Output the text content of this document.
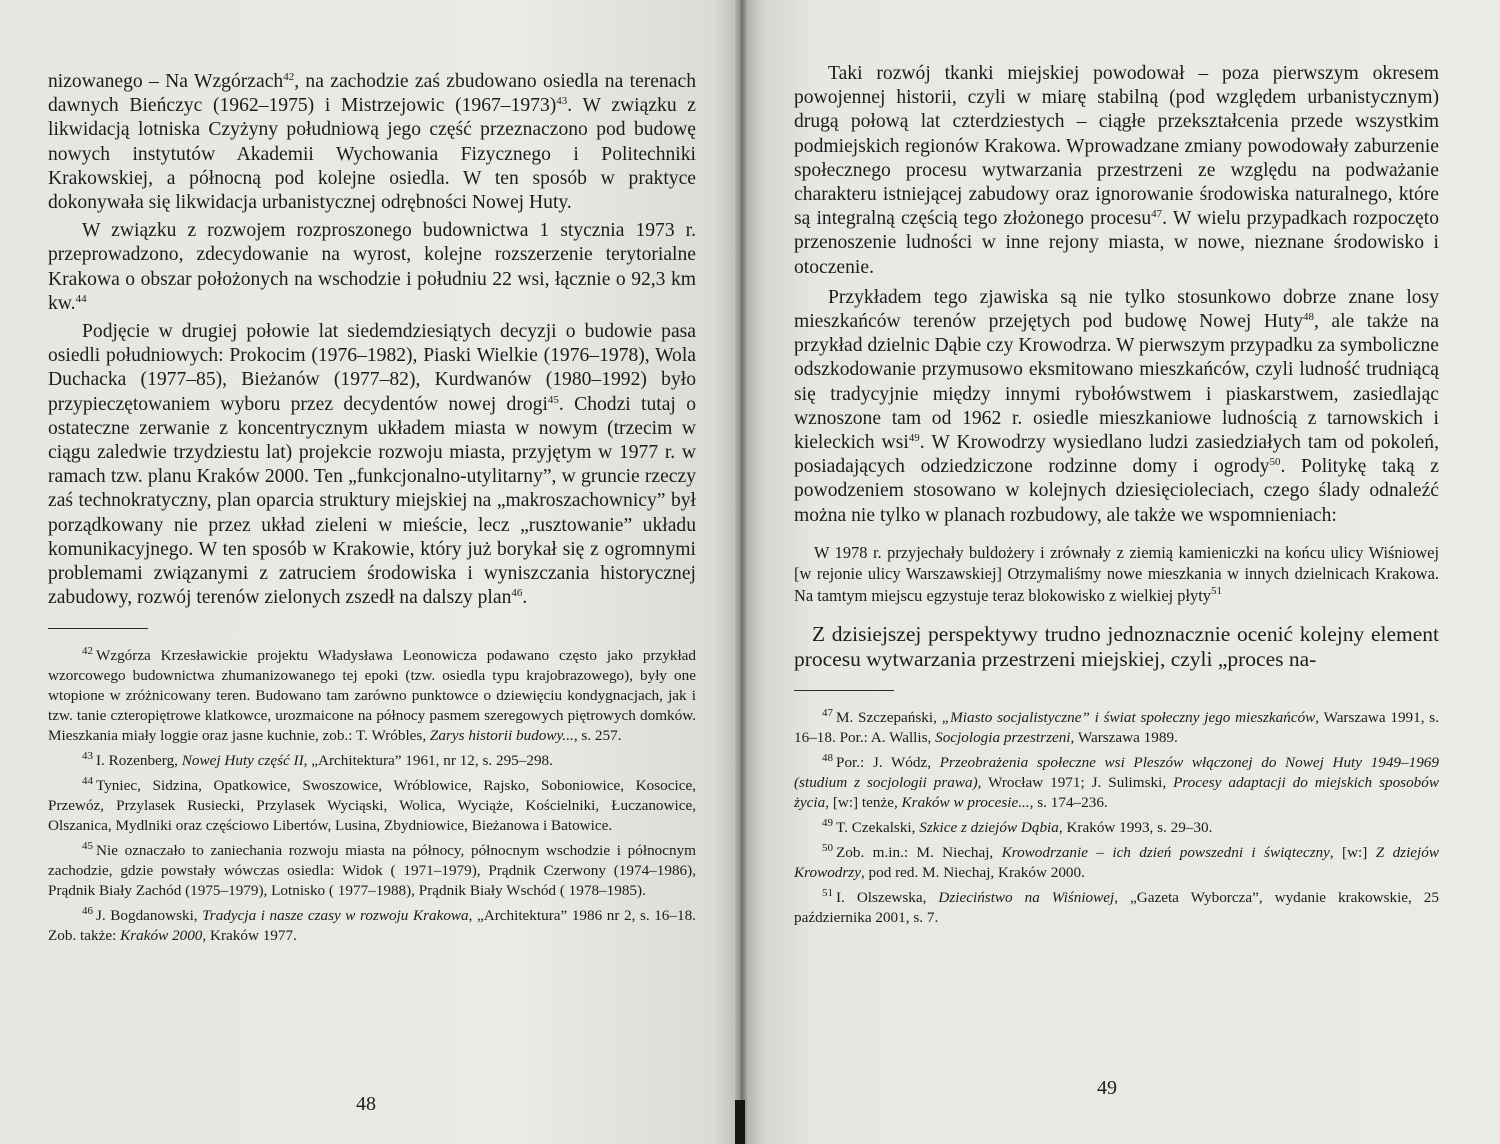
nizowanego – Na Wzgórzach$^{42}$, na zachodzie zaś zbudowano osiedla na terenach dawnych Bieńczyc (1962–1975) i Mistrzejowic (1967–1973)$^{43}$. W związku z likwidacją lotniska Czyżyny południową jego część przeznaczono pod budowę nowych instytutów Akademii Wychowania Fizycznego i Politechniki Krakowskiej, a północną pod kolejne osiedla. W ten sposób w praktyce dokonywała się likwidacja urbanistycznej odrębności Nowej Huty.

W związku z rozwojem rozproszonego budownictwa 1 stycznia 1973 r. przeprowadzono, zdecydowanie na wyrost, kolejne rozszerzenie terytorialne Krakowa o obszar położonych na wschodzie i południu 22 wsi, łącznie o 92,3 km kw.$^{44}$

Podjęcie w drugiej połowie lat siedemdziesiątych decyzji o budowie pasa osiedli południowych: Prokocim (1976–1982), Piaski Wielkie (1976–1978), Wola Duchacka (1977–85), Bieżanów (1977–82), Kurdwanów (1980–1992) było przypieczętowaniem wyboru przez decydentów nowej drogi$^{45}$. Chodzi tutaj o ostateczne zerwanie z koncentrycznym układem miasta w nowym (trzecim w ciągu zaledwie trzydziestu lat) projekcie rozwoju miasta, przyjętym w 1977 r. w ramach tzw. planu Kraków 2000. Ten „funkcjonalno-utylitarny”, w gruncie rzeczy zaś technokratyczny, plan oparcia struktury miejskiej na „makroszachownicy” był porządkowany nie przez układ zieleni w mieście, lecz „rusztowanie” układu komunikacyjnego. W ten sposób w Krakowie, który już borykał się z ogromnymi problemami związanymi z zatruciem środowiska i wyniszczania historycznej zabudowy, rozwój terenów zielonych zszedł na dalszy plan$^{46}$.

$^{42}$ Wzgórza Krzesławickie projektu Władysława Leonowicza podawano często jako przykład wzorcowego budownictwa zhumanizowanego tej epoki (tzw. osiedla typu krajobrazowego), były one wtopione w zróżnicowany teren. Budowano tam zarówno punktowce o dziewięciu kondygnacjach, jak i tzw. tanie czteropiętrowe klatkowce, urozmaicone na północy pasmem szeregowych piętrowych domków. Mieszkania miały loggie oraz jasne kuchnie, zob.: T. Wróbles, Zarys historii budowy..., s. 257.

$^{43}$ I. Rozenberg, Nowej Huty część II, „Architektura” 1961, nr 12, s. 295–298.

$^{44}$ Tyniec, Sidzina, Opatkowice, Swoszowice, Wróblowice, Rajsko, Soboniowice, Kosocice, Przewóz, Przylasek Rusiecki, Przylasek Wyciąski, Wolica, Wyciąże, Kościelniki, Łuczanowice, Olszanica, Mydlniki oraz częściowo Libertów, Lusina, Zbydniowice, Bieżanowa i Batowice.

$^{45}$ Nie oznaczało to zaniechania rozwoju miasta na północy, północnym wschodzie i północnym zachodzie, gdzie powstały wówczas osiedla: Widok ( 1971–1979), Prądnik Czerwony (1974–1986), Prądnik Biały Zachód (1975–1979), Lotnisko ( 1977–1988), Prądnik Biały Wschód ( 1978–1985).

$^{46}$ J. Bogdanowski, Tradycja i nasze czasy w rozwoju Krakowa, „Architektura” 1986 nr 2, s. 16–18. Zob. także: Kraków 2000, Kraków 1977.

48

Taki rozwój tkanki miejskiej powodował – poza pierwszym okresem powojennej historii, czyli w miarę stabilną (pod względem urbanistycznym) drugą połową lat czterdziestych – ciągłe przekształcenia przede wszystkim podmiejskich regionów Krakowa. Wprowadzane zmiany powodowały zaburzenie społecznego procesu wytwarzania przestrzeni ze względu na podważanie charakteru istniejącej zabudowy oraz ignorowanie środowiska naturalnego, które są integralną częścią tego złożonego procesu$^{47}$. W wielu przypadkach rozpoczęto przenoszenie ludności w inne rejony miasta, w nowe, nieznane środowisko i otoczenie.

Przykładem tego zjawiska są nie tylko stosunkowo dobrze znane losy mieszkańców terenów przejętych pod budowę Nowej Huty$^{48}$, ale także na przykład dzielnic Dąbie czy Krowodrza. W pierwszym przypadku za symboliczne odszkodowanie przymusowo eksmitowano mieszkańców, czyli ludność trudniącą się tradycyjnie między innymi rybołówstwem i piaskarstwem, zasiedlając wznoszone tam od 1962 r. osiedle mieszkaniowe ludnością z tarnowskich i kieleckich wsi$^{49}$. W Krowodrzy wysiedlano ludzi zasiedziałych tam od pokoleń, posiadających odziedziczone rodzinne domy i ogrody$^{50}$. Politykę taką z powodzeniem stosowano w kolejnych dziesięcioleciach, czego ślady odnaleźć można nie tylko w planach rozbudowy, ale także we wspomnieniach:

W 1978 r. przyjechały buldożery i zrównały z ziemią kamieniczki na końcu ulicy Wiśniowej [w rejonie ulicy Warszawskiej] Otrzymaliśmy nowe mieszkania w innych dzielnicach Krakowa. Na tamtym miejscu egzystuje teraz blokowisko z wielkiej płyty$^{51}$

Z dzisiejszej perspektywy trudno jednoznacznie ocenić kolejny element procesu wytwarzania przestrzeni miejskiej, czyli „proces na-

$^{47}$ M. Szczepański, „Miasto socjalistyczne” i świat społeczny jego mieszkańców, Warszawa 1991, s. 16–18. Por.: A. Wallis, Socjologia przestrzeni, Warszawa 1989.

$^{48}$ Por.: J. Wódz, Przeobrażenia społeczne wsi Pleszów włączonej do Nowej Huty 1949–1969 (studium z socjologii prawa), Wrocław 1971; J. Sulimski, Procesy adaptacji do miejskich sposobów życia, [w:] tenże, Kraków w procesie..., s. 174–236.

$^{49}$ T. Czekalski, Szkice z dziejów Dąbia, Kraków 1993, s. 29–30.

$^{50}$ Zob. m.in.: M. Niechaj, Krowodrzanie – ich dzień powszedni i świąteczny, [w:] Z dziejów Krowodrzy, pod red. M. Niechaj, Kraków 2000.

$^{51}$ I. Olszewska, Dzieciństwo na Wiśniowej, „Gazeta Wyborcza”, wydanie krakowskie, 25 października 2001, s. 7.

49
